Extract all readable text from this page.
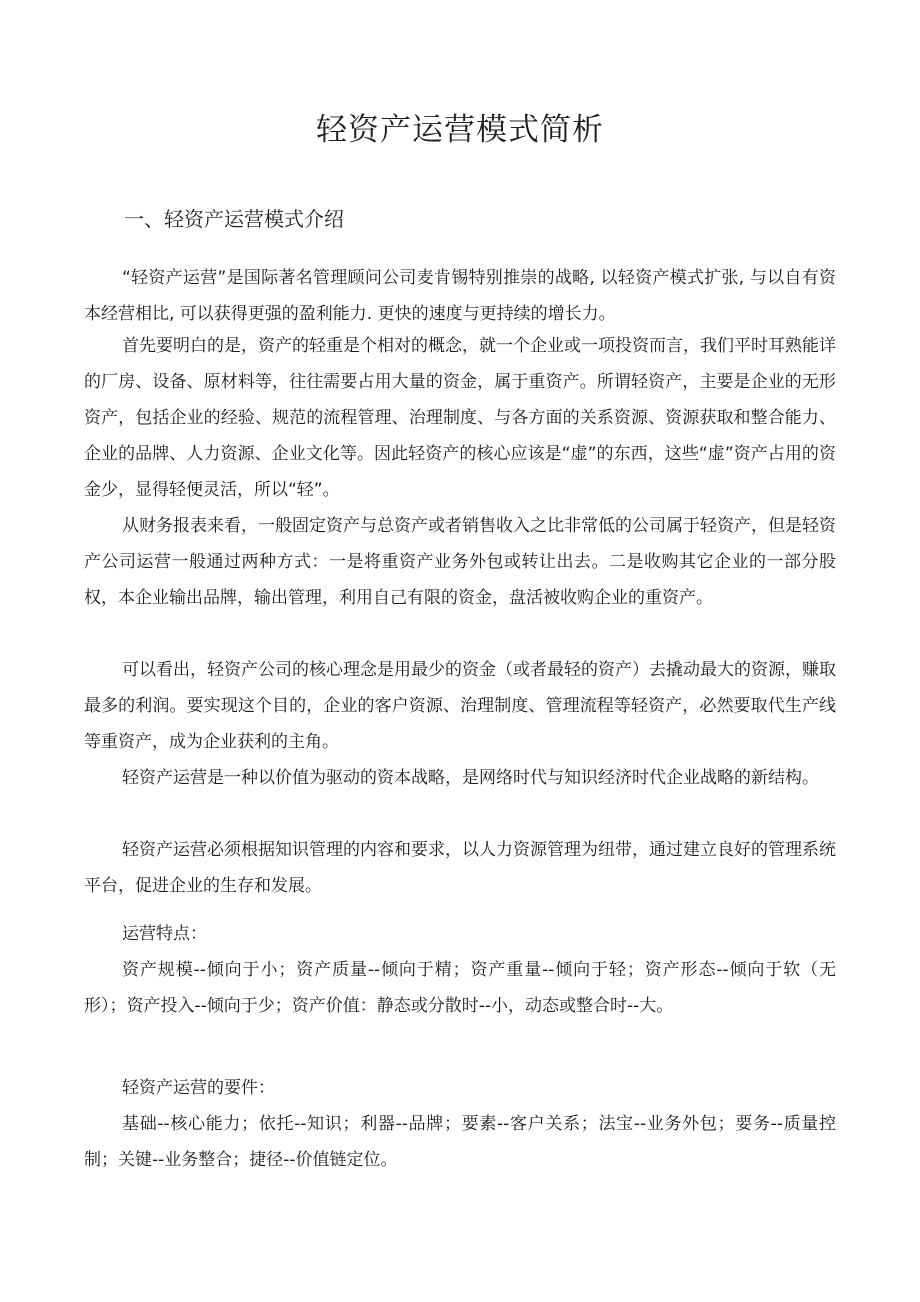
轻资产运营模式简析
一、轻资产运营模式介绍

“轻资产运营”是国际著名管理顾问公司麦肯锡特别推崇的战略, 以轻资产模式扩张, 与以自有资本经营相比, 可以获得更强的盈利能力. 更快的速度与更持续的增长力。

首先要明白的是，资产的轻重是个相对的概念，就一个企业或一项投资而言，我们平时耳熟能详的厂房、设备、原材料等，往往需要占用大量的资金，属于重资产。所谓轻资产，主要是企业的无形资产，包括企业的经验、规范的流程管理、治理制度、与各方面的关系资源、资源获取和整合能力、企业的品牌、人力资源、企业文化等。因此轻资产的核心应该是“虚”的东西，这些“虚”资产占用的资金少，显得轻便灵活，所以“轻”。

从财务报表来看，一般固定资产与总资产或者销售收入之比非常低的公司属于轻资产，但是轻资产公司运营一般通过两种方式：一是将重资产业务外包或转让出去。二是收购其它企业的一部分股权，本企业输出品牌，输出管理，利用自己有限的资金，盘活被收购企业的重资产。

可以看出，轻资产公司的核心理念是用最少的资金（或者最轻的资产）去撬动最大的资源，赚取最多的利润。要实现这个目的，企业的客户资源、治理制度、管理流程等轻资产，必然要取代生产线等重资产，成为企业获利的主角。

轻资产运营是一种以价值为驱动的资本战略，是网络时代与知识经济时代企业战略的新结构。

轻资产运营必须根据知识管理的内容和要求，以人力资源管理为纽带，通过建立良好的管理系统平台，促进企业的生存和发展。

运营特点：

资产规模--倾向于小；资产质量--倾向于精；资产重量--倾向于轻；资产形态--倾向于软（无形）；资产投入--倾向于少；资产价值：静态或分散时--小，动态或整合时--大。

轻资产运营的要件：

基础--核心能力；依托--知识；利器--品牌；要素--客户关系；法宝--业务外包；要务--质量控制；关键--业务整合；捷径--价值链定位。
